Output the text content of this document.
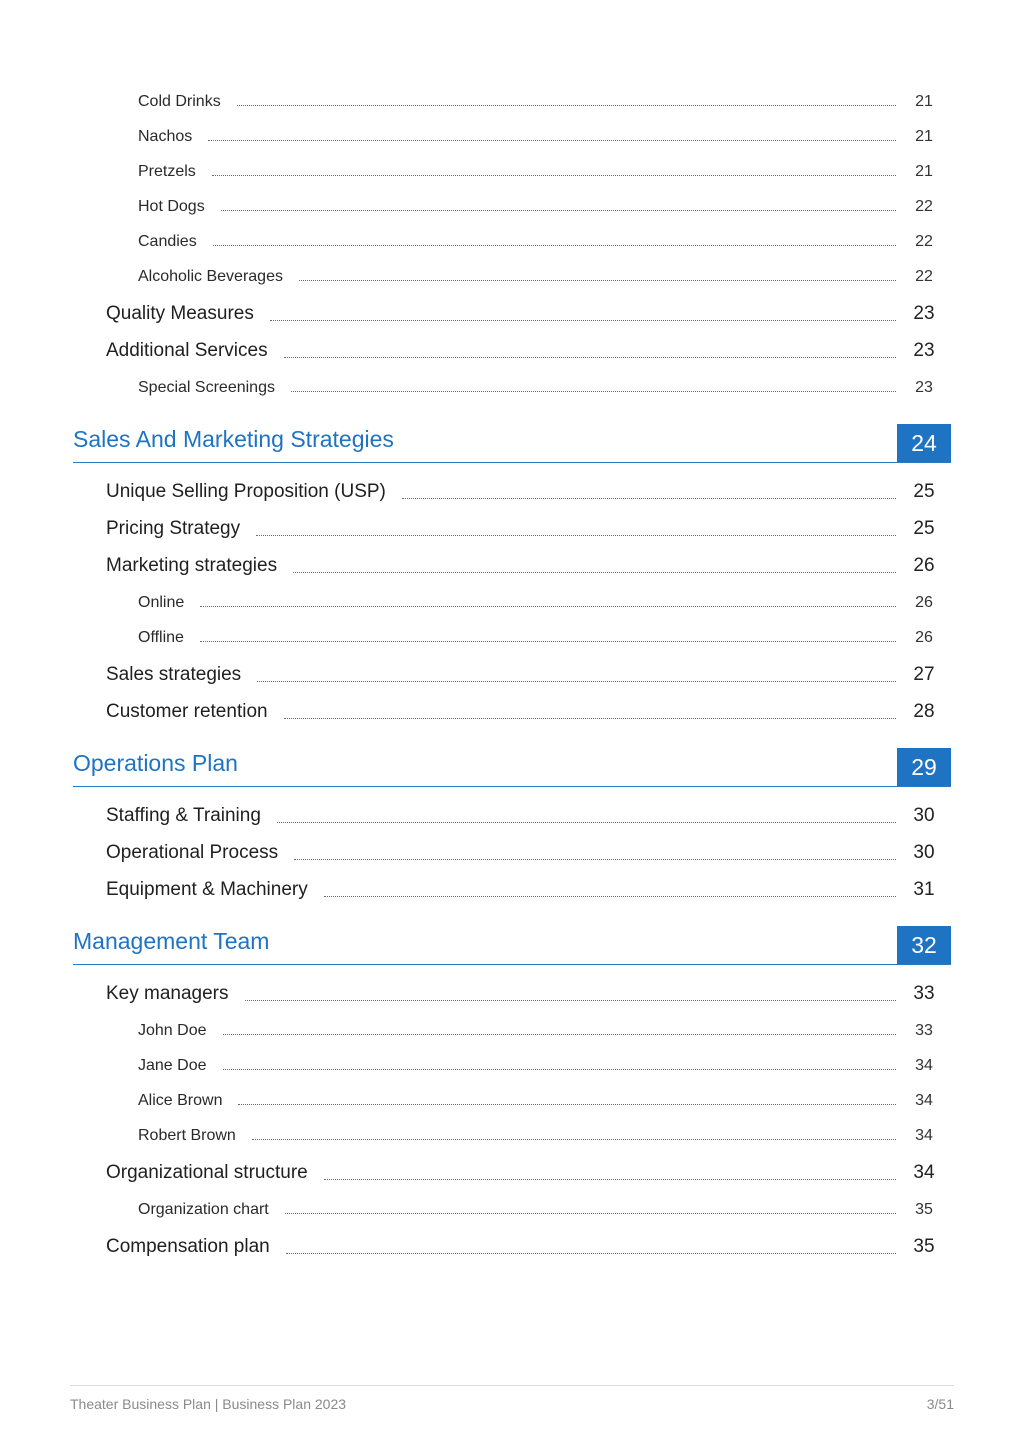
Cold Drinks	21
Nachos	21
Pretzels	21
Hot Dogs	22
Candies	22
Alcoholic Beverages	22
Quality Measures	23
Additional Services	23
Special Screenings	23
Sales And Marketing Strategies	24
Unique Selling Proposition (USP)	25
Pricing Strategy	25
Marketing strategies	26
Online	26
Offline	26
Sales strategies	27
Customer retention	28
Operations Plan	29
Staffing & Training	30
Operational Process	30
Equipment & Machinery	31
Management Team	32
Key managers	33
John Doe	33
Jane Doe	34
Alice Brown	34
Robert Brown	34
Organizational structure	34
Organization chart	35
Compensation plan	35
Theater Business Plan | Business Plan 2023	3/51
